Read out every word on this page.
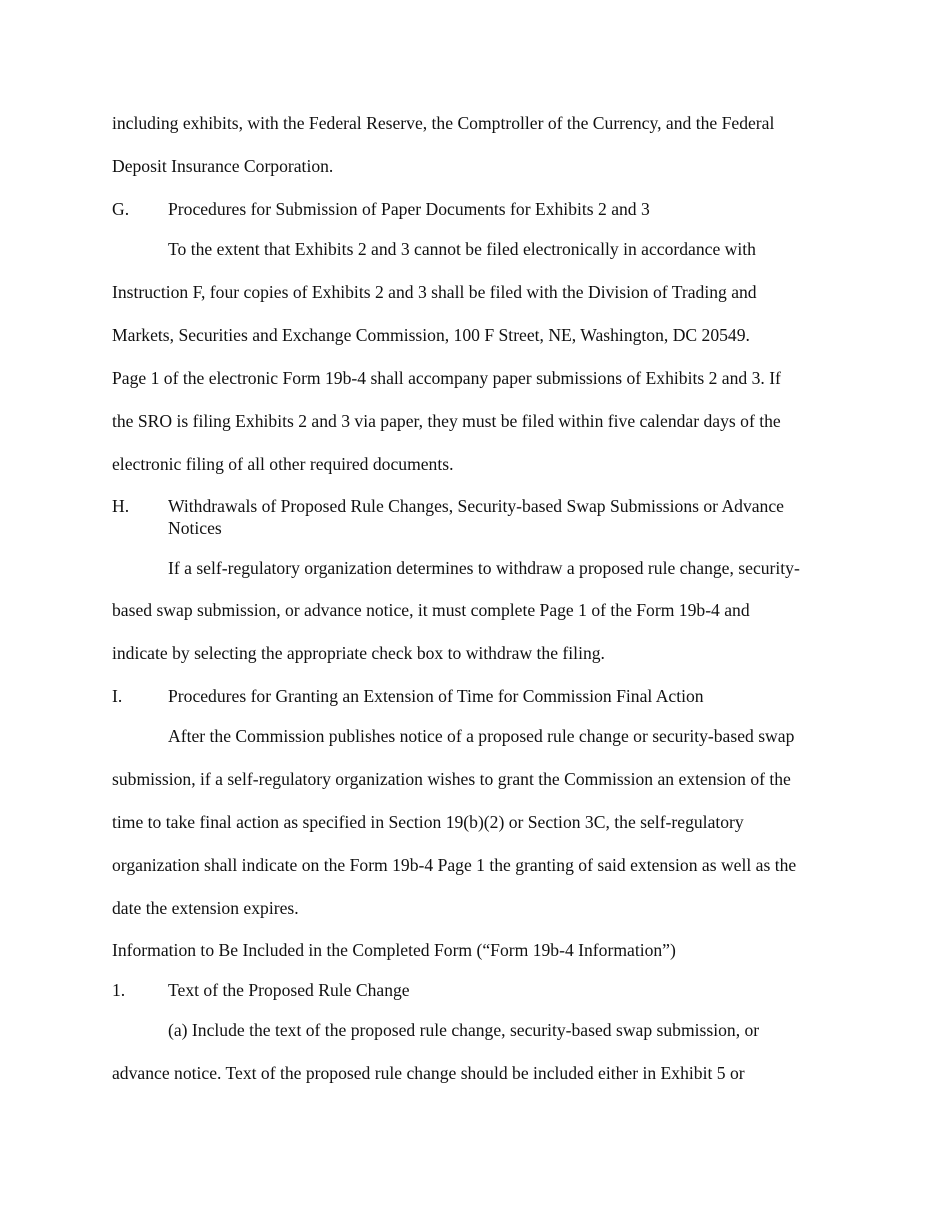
including exhibits, with the Federal Reserve, the Comptroller of the Currency, and the Federal
Deposit Insurance Corporation.
G. Procedures for Submission of Paper Documents for Exhibits 2 and 3
To the extent that Exhibits 2 and 3 cannot be filed electronically in accordance with
Instruction F, four copies of Exhibits 2 and 3 shall be filed with the Division of Trading and
Markets, Securities and Exchange Commission, 100 F Street, NE, Washington, DC 20549.
Page 1 of the electronic Form 19b-4 shall accompany paper submissions of Exhibits 2 and 3. If
the SRO is filing Exhibits 2 and 3 via paper, they must be filed within five calendar days of the
electronic filing of all other required documents.
H. Withdrawals of Proposed Rule Changes, Security-based Swap Submissions or Advance
Notices
If a self-regulatory organization determines to withdraw a proposed rule change, security-
based swap submission, or advance notice, it must complete Page 1 of the Form 19b-4 and
indicate by selecting the appropriate check box to withdraw the filing.
I.	Procedures for Granting an Extension of Time for Commission Final Action
After the Commission publishes notice of a proposed rule change or security-based swap
submission, if a self-regulatory organization wishes to grant the Commission an extension of the
time to take final action as specified in Section 19(b)(2) or Section 3C, the self-regulatory
organization shall indicate on the Form 19b-4 Page 1 the granting of said extension as well as the
date the extension expires.
Information to Be Included in the Completed Form (“Form 19b-4 Information”)
1. Text of the Proposed Rule Change
(a) Include the text of the proposed rule change, security-based swap submission, or
advance notice. Text of the proposed rule change should be included either in Exhibit 5 or
